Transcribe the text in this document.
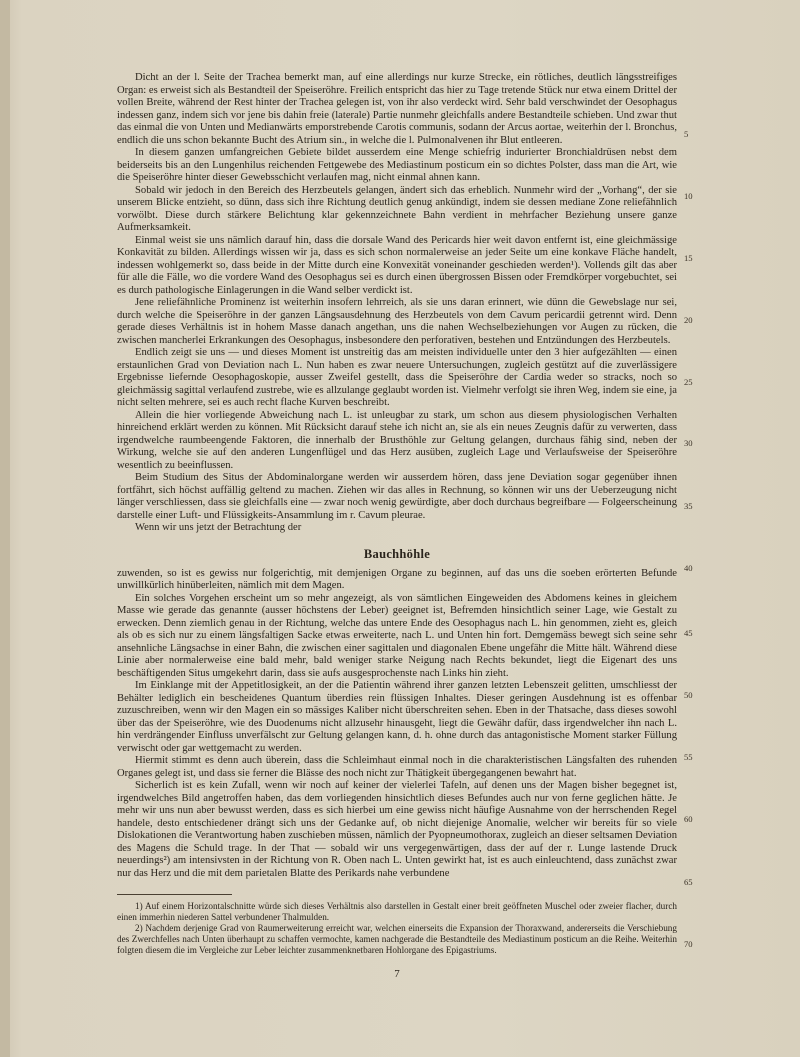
Dicht an der l. Seite der Trachea bemerkt man, auf eine allerdings nur kurze Strecke, ein rötliches, deutlich längsstreifiges Organ: es erweist sich als Bestandteil der Speiseröhre. Freilich entspricht das hier zu Tage tretende Stück nur etwa einem Drittel der vollen Breite, während der Rest hinter der Trachea gelegen ist, von ihr also verdeckt wird. Sehr bald verschwindet der Oesophagus indessen ganz, indem sich vor jene bis dahin freie (laterale) Partie nunmehr gleichfalls andere Bestandteile schieben. Und zwar thut das einmal die von Unten und Medianwärts emporstrebende Carotis communis, sodann der Arcus aortae, weiterhin der l. Bronchus, endlich die uns schon bekannte Bucht des Atrium sin., in welche die l. Pulmonalvenen ihr Blut entleeren.

In diesem ganzen umfangreichen Gebiete bildet ausserdem eine Menge schiefrig indurierter Bronchialdrüsen nebst dem beiderseits bis an den Lungenhilus reichenden Fettgewebe des Mediastinum posticum ein so dichtes Polster, dass man die Art, wie die Speiseröhre hinter dieser Gewebsschicht verlaufen mag, nicht einmal ahnen kann.

Sobald wir jedoch in den Bereich des Herzbeutels gelangen, ändert sich das erheblich. Nunmehr wird der „Vorhang“, der sie unserem Blicke entzieht, so dünn, dass sich ihre Richtung deutlich genug ankündigt, indem sie dessen mediane Zone reliefähnlich vorwölbt. Diese durch stärkere Belichtung klar gekennzeichnete Bahn verdient in mehrfacher Beziehung unsere ganze Aufmerksamkeit.

Einmal weist sie uns nämlich darauf hin, dass die dorsale Wand des Pericards hier weit davon entfernt ist, eine gleichmässige Konkavität zu bilden. Allerdings wissen wir ja, dass es sich schon normalerweise an jeder Seite um eine konkave Fläche handelt, indessen wohlgemerkt so, dass beide in der Mitte durch eine Konvexität voneinander geschieden werden¹). Vollends gilt das aber für alle die Fälle, wo die vordere Wand des Oesophagus sei es durch einen übergrossen Bissen oder Fremdkörper vorgebuchtet, sei es durch pathologische Einlagerungen in die Wand selber verdickt ist.

Jene reliefähnliche Prominenz ist weiterhin insofern lehrreich, als sie uns daran erinnert, wie dünn die Gewebslage nur sei, durch welche die Speiseröhre in der ganzen Längsausdehnung des Herzbeutels von dem Cavum pericardii getrennt wird. Denn gerade dieses Verhältnis ist in hohem Masse danach angethan, uns die nahen Wechselbeziehungen vor Augen zu rücken, die zwischen mancherlei Erkrankungen des Oesophagus, insbesondere den perforativen, bestehen und Entzündungen des Herzbeutels.

Endlich zeigt sie uns — und dieses Moment ist unstreitig das am meisten individuelle unter den 3 hier aufgezählten — einen erstaunlichen Grad von Deviation nach L. Nun haben es zwar neuere Untersuchungen, zugleich gestützt auf die zuverlässigere Ergebnisse liefernde Oesophagoskopie, ausser Zweifel gestellt, dass die Speiseröhre der Cardia weder so stracks, noch so gleichmässig sagittal verlaufend zustrebe, wie es allzulange geglaubt worden ist. Vielmehr verfolgt sie ihren Weg, indem sie eine, ja nicht selten mehrere, sei es auch recht flache Kurven beschreibt.

Allein die hier vorliegende Abweichung nach L. ist unleugbar zu stark, um schon aus diesem physiologischen Verhalten hinreichend erklärt werden zu können. Mit Rücksicht darauf stehe ich nicht an, sie als ein neues Zeugnis dafür zu verwerten, dass irgendwelche raumbeengende Faktoren, die innerhalb der Brusthöhle zur Geltung gelangen, durchaus fähig sind, neben der Wirkung, welche sie auf den anderen Lungenflügel und das Herz ausüben, zugleich Lage und Verlaufsweise der Speiseröhre wesentlich zu beeinflussen.

Beim Studium des Situs der Abdominalorgane werden wir ausserdem hören, dass jene Deviation sogar gegenüber ihnen fortfährt, sich höchst auffällig geltend zu machen. Ziehen wir das alles in Rechnung, so können wir uns der Ueberzeugung nicht länger verschliessen, dass sie gleichfalls eine — zwar noch wenig gewürdigte, aber doch durchaus begreifbare — Folgeerscheinung darstelle einer Luft- und Flüssigkeits-Ansammlung im r. Cavum pleurae.

Wenn wir uns jetzt der Betrachtung der

Bauchhöhle

zuwenden, so ist es gewiss nur folgerichtig, mit demjenigen Organe zu beginnen, auf das uns die soeben erörterten Befunde unwillkürlich hinüberleiten, nämlich mit dem Magen.

Ein solches Vorgehen erscheint um so mehr angezeigt, als von sämtlichen Eingeweiden des Abdomens keines in gleichem Masse wie gerade das genannte (ausser höchstens der Leber) geeignet ist, Befremden hinsichtlich seiner Lage, wie Gestalt zu erwecken. Denn ziemlich genau in der Richtung, welche das untere Ende des Oesophagus nach L. hin genommen, zieht es, gleich als ob es sich nur zu einem längsfaltigen Sacke etwas erweiterte, nach L. und Unten hin fort. Demgemäss bewegt sich seine sehr ansehnliche Längsachse in einer Bahn, die zwischen einer sagittalen und diagonalen Ebene ungefähr die Mitte hält. Während diese Linie aber normalerweise eine bald mehr, bald weniger starke Neigung nach Rechts bekundet, liegt die Eigenart des uns beschäftigenden Situs umgekehrt darin, dass sie aufs ausgesprochenste nach Links hin zieht.

Im Einklange mit der Appetitlosigkeit, an der die Patientin während ihrer ganzen letzten Lebenszeit gelitten, umschliesst der Behälter lediglich ein bescheidenes Quantum überdies rein flüssigen Inhaltes. Dieser geringen Ausdehnung ist es offenbar zuzuschreiben, wenn wir den Magen ein so mässiges Kaliber nicht überschreiten sehen. Eben in der Thatsache, dass dieses sowohl über das der Speiseröhre, wie des Duodenums nicht allzusehr hinausgeht, liegt die Gewähr dafür, dass irgendwelcher ihn nach L. hin verdrängender Einfluss unverfälscht zur Geltung gelangen kann, d. h. ohne durch das antagonistische Moment starker Füllung verwischt oder gar wettgemacht zu werden.

Hiermit stimmt es denn auch überein, dass die Schleimhaut einmal noch in die charakteristischen Längsfalten des ruhenden Organes gelegt ist, und dass sie ferner die Blässe des noch nicht zur Thätigkeit übergegangenen bewahrt hat.

Sicherlich ist es kein Zufall, wenn wir noch auf keiner der vielerlei Tafeln, auf denen uns der Magen bisher begegnet ist, irgendwelches Bild angetroffen haben, das dem vorliegenden hinsichtlich dieses Befundes auch nur von ferne geglichen hätte. Je mehr wir uns nun aber bewusst werden, dass es sich hierbei um eine gewiss nicht häufige Ausnahme von der herrschenden Regel handele, desto entschiedener drängt sich uns der Gedanke auf, ob nicht diejenige Anomalie, welcher wir bereits für so viele Dislokationen die Verantwortung haben zuschieben müssen, nämlich der Pyopneumothorax, zugleich an dieser seltsamen Deviation des Magens die Schuld trage. In der That — sobald wir uns vergegenwärtigen, dass der auf der r. Lunge lastende Druck neuerdings²) am intensivsten in der Richtung von R. Oben nach L. Unten gewirkt hat, ist es auch einleuchtend, dass zunächst zwar nur das Herz und die mit dem parietalen Blatte des Perikards nahe verbundene

1) Auf einem Horizontalschnitte würde sich dieses Verhältnis also darstellen in Gestalt einer breit geöffneten Muschel oder zweier flacher, durch einen immerhin niederen Sattel verbundener Thalmulden.

2) Nachdem derjenige Grad von Raumerweiterung erreicht war, welchen einerseits die Expansion der Thoraxwand, andererseits die Verschiebung des Zwerchfelles nach Unten überhaupt zu schaffen vermochte, kamen nachgerade die Bestandteile des Mediastinum posticum an die Reihe. Weiterhin folgten diesem die im Vergleiche zur Leber leichter zusammenknetbaren Hohlorgane des Epigastriums.

7
5
10
15
20
25
30
35
40
45
50
55
60
65
70
